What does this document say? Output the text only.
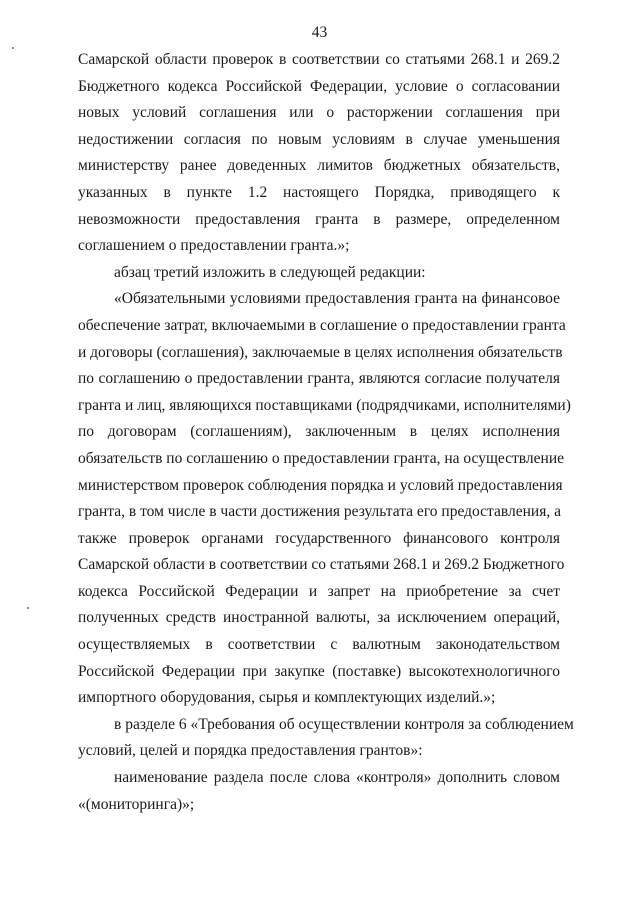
43
Самарской области проверок в соответствии со статьями 268.1 и 269.2
Бюджетного кодекса Российской Федерации, условие о согласовании
новых условий соглашения или о расторжении соглашения при
недостижении согласия по новым условиям в случае уменьшения
министерству ранее доведенных лимитов бюджетных обязательств,
указанных в пункте 1.2 настоящего Порядка, приводящего к
невозможности предоставления гранта в размере, определенном
соглашением о предоставлении гранта.»;
абзац третий изложить в следующей редакции:
«Обязательными условиями предоставления гранта на финансовое
обеспечение затрат, включаемыми в соглашение о предоставлении гранта
и договоры (соглашения), заключаемые в целях исполнения обязательств
по соглашению о предоставлении гранта, являются согласие получателя
гранта и лиц, являющихся поставщиками (подрядчиками, исполнителями)
по договорам (соглашениям), заключенным в целях исполнения
обязательств по соглашению о предоставлении гранта, на осуществление
министерством проверок соблюдения порядка и условий предоставления
гранта, в том числе в части достижения результата его предоставления, а
также проверок органами государственного финансового контроля
Самарской области в соответствии со статьями 268.1 и 269.2 Бюджетного
кодекса Российской Федерации и запрет на приобретение за счет
полученных средств иностранной валюты, за исключением операций,
осуществляемых в соответствии с валютным законодательством
Российской Федерации при закупке (поставке) высокотехнологичного
импортного оборудования, сырья и комплектующих изделий.»;
в разделе 6 «Требования об осуществлении контроля за соблюдением
условий, целей и порядка предоставления грантов»:
наименование раздела после слова «контроля» дополнить словом
«(мониторинга)»;
